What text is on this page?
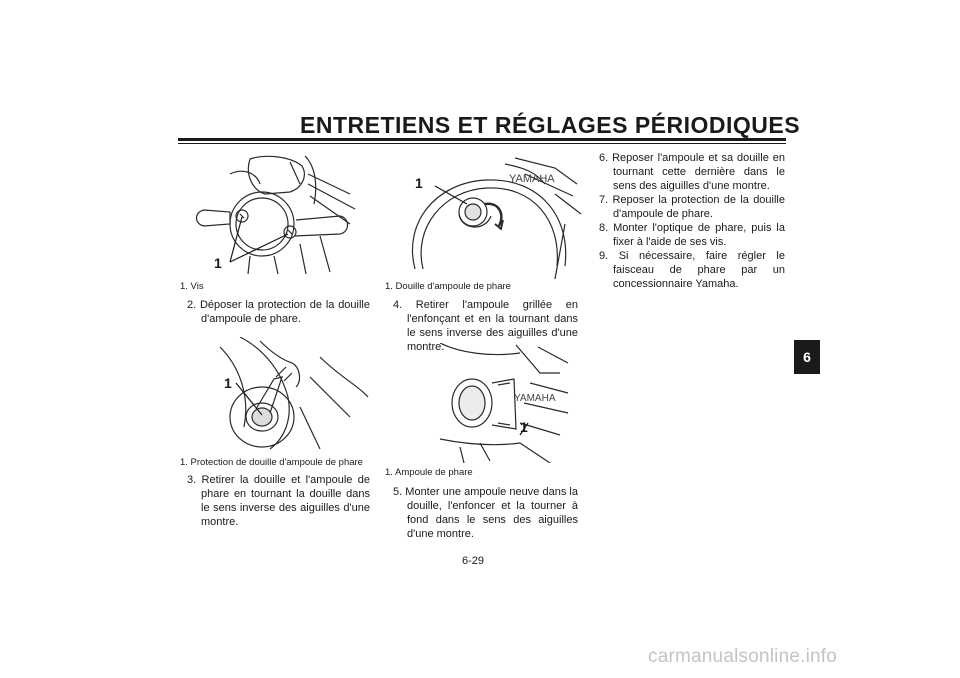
ENTRETIENS ET RÉGLAGES PÉRIODIQUES
6
1
1. Vis
2. Déposer la protection de la douille d'ampoule de phare.
1
1. Protection de douille d'ampoule de phare
3. Retirer la douille et l'ampoule de phare en tournant la douille dans le sens inverse des aiguilles d'une montre.
YAMAHA
1
1. Douille d'ampoule de phare
4. Retirer l'ampoule grillée en l'enfonçant et en la tournant dans le sens inverse des aiguilles d'une montre.
YAMAHA
1
1. Ampoule de phare
5. Monter une ampoule neuve dans la douille, l'enfoncer et la tourner à fond dans le sens des aiguilles d'une montre.
6. Reposer l'ampoule et sa douille en tournant cette dernière dans le sens des aiguilles d'une montre.
7. Reposer la protection de la douille d'ampoule de phare.
8. Monter l'optique de phare, puis la fixer à l'aide de ses vis.
9. Si nécessaire, faire régler le faisceau de phare par un concessionnaire Yamaha.
6-29
carmanualsonline.info
